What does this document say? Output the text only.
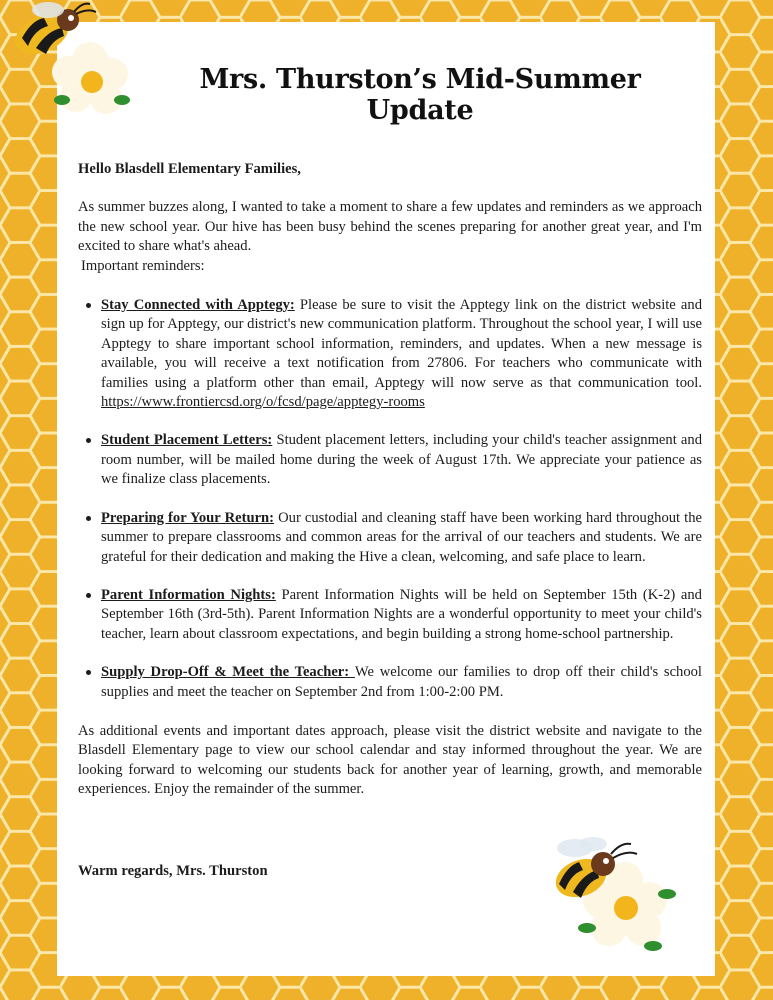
Mrs. Thurston’s Mid-Summer Update

Hello Blasdell Elementary Families,

As summer buzzes along, I wanted to take a moment to share a few updates and reminders as we approach the new school year. Our hive has been busy behind the scenes preparing for another great year, and I'm excited to share what's ahead.

Important reminders:

Stay Connected with Apptegy: Please be sure to visit the Apptegy link on the district website and sign up for Apptegy, our district's new communication platform. Throughout the school year, I will use Apptegy to share important school information, reminders, and updates. When a new message is available, you will receive a text notification from 27806. For teachers who communicate with families using a platform other than email, Apptegy will now serve as that communication tool. https://www.frontiercsd.org/o/fcsd/page/apptegy-rooms
Student Placement Letters: Student placement letters, including your child's teacher assignment and room number, will be mailed home during the week of August 17th. We appreciate your patience as we finalize class placements.
Preparing for Your Return: Our custodial and cleaning staff have been working hard throughout the summer to prepare classrooms and common areas for the arrival of our teachers and students. We are grateful for their dedication and making the Hive a clean, welcoming, and safe place to learn.
Parent Information Nights: Parent Information Nights will be held on September 15th (K-2) and September 16th (3rd-5th). Parent Information Nights are a wonderful opportunity to meet your child's teacher, learn about classroom expectations, and begin building a strong home-school partnership.
Supply Drop-Off & Meet the Teacher: We welcome our families to drop off their child's school supplies and meet the teacher on September 2nd from 1:00-2:00 PM.

As additional events and important dates approach, please visit the district website and navigate to the Blasdell Elementary page to view our school calendar and stay informed throughout the year. We are looking forward to welcoming our students back for another year of learning, growth, and memorable experiences. Enjoy the remainder of the summer.

Warm regards, Mrs. Thurston
